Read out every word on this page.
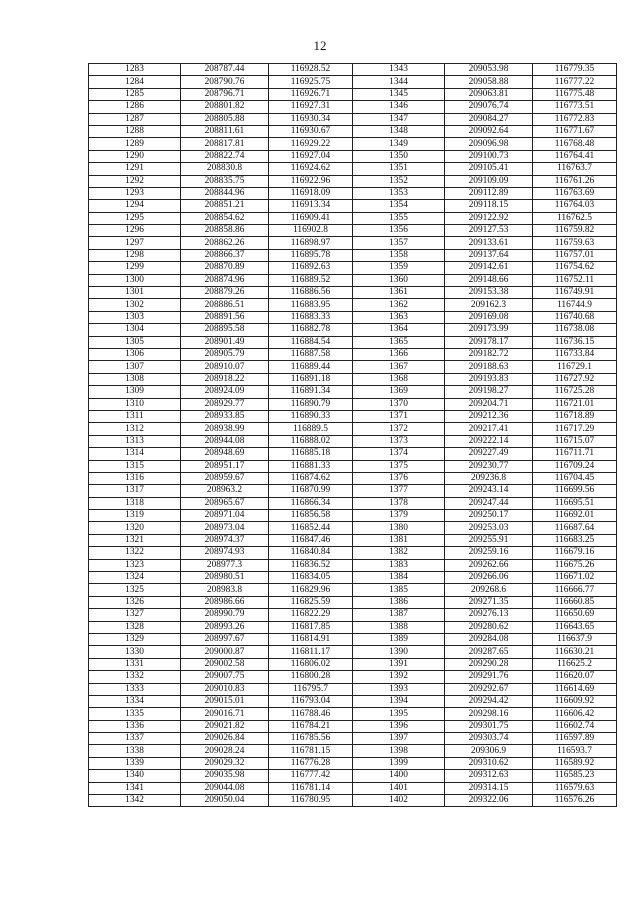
12
1283	208787.44	116928.52	1343	209053.98	116779.35
1284	208790.76	116925.75	1344	209058.88	116777.22
1285	208796.71	116926.71	1345	209063.81	116775.48
1286	208801.82	116927.31	1346	209076.74	116773.51
1287	208805.88	116930.34	1347	209084.27	116772.83
1288	208811.61	116930.67	1348	209092.64	116771.67
1289	208817.81	116929.22	1349	209096.98	116768.48
1290	208822.74	116927.04	1350	209100.73	116764.41
1291	208830.8	116924.62	1351	209105.41	116763.7
1292	208835.75	116922.96	1352	209109.09	116761.26
1293	208844.96	116918.09	1353	209112.89	116763.69
1294	208851.21	116913.34	1354	209118.15	116764.03
1295	208854.62	116909.41	1355	209122.92	116762.5
1296	208858.86	116902.8	1356	209127.53	116759.82
1297	208862.26	116898.97	1357	209133.61	116759.63
1298	208866.37	116895.78	1358	209137.64	116757.01
1299	208870.89	116892.63	1359	209142.61	116754.62
1300	208874.96	116889.52	1360	209148.66	116752.11
1301	208879.26	116886.56	1361	209153.38	116749.91
1302	208886.51	116883.95	1362	209162.3	116744.9
1303	208891.56	116883.33	1363	209169.08	116740.68
1304	208895.58	116882.78	1364	209173.99	116738.08
1305	208901.49	116884.54	1365	209178.17	116736.15
1306	208905.79	116887.58	1366	209182.72	116733.84
1307	208910.07	116889.44	1367	209188.63	116729.1
1308	208918.22	116891.18	1368	209193.83	116727.92
1309	208924.09	116891.34	1369	209198.27	116725.28
1310	208929.77	116890.79	1370	209204.71	116721.01
1311	208933.85	116890.33	1371	209212.36	116718.89
1312	208938.99	116889.5	1372	209217.41	116717.29
1313	208944.08	116888.02	1373	209222.14	116715.07
1314	208948.69	116885.18	1374	209227.49	116711.71
1315	208951.17	116881.33	1375	209230.77	116709.24
1316	208959.67	116874.62	1376	209236.8	116704.45
1317	208963.2	116870.99	1377	209243.14	116699.56
1318	208965.67	116866.34	1378	209247.44	116695.51
1319	208971.04	116856.58	1379	209250.17	116692.01
1320	208973.04	116852.44	1380	209253.03	116687.64
1321	208974.37	116847.46	1381	209255.91	116683.25
1322	208974.93	116840.84	1382	209259.16	116679.16
1323	208977.3	116836.52	1383	209262.66	116675.26
1324	208980.51	116834.05	1384	209266.06	116671.02
1325	208983.8	116829.96	1385	209268.6	116666.77
1326	208986.66	116825.59	1386	209271.35	116660.85
1327	208990.79	116822.29	1387	209276.13	116650.69
1328	208993.26	116817.85	1388	209280.62	116643.65
1329	208997.67	116814.91	1389	209284.08	116637.9
1330	209000.87	116811.17	1390	209287.65	116630.21
1331	209002.58	116806.02	1391	209290.28	116625.2
1332	209007.75	116800.28	1392	209291.76	116620.07
1333	209010.83	116795.7	1393	209292.67	116614.69
1334	209015.01	116793.04	1394	209294.42	116609.92
1335	209016.71	116788.46	1395	209298.16	116606.42
1336	209021.82	116784.21	1396	209301.75	116602.74
1337	209026.84	116785.56	1397	209303.74	116597.89
1338	209028.24	116781.15	1398	209306.9	116593.7
1339	209029.32	116776.28	1399	209310.62	116589.92
1340	209035.98	116777.42	1400	209312.63	116585.23
1341	209044.08	116781.14	1401	209314.15	116579.63
1342	209050.04	116780.95	1402	209322.06	116576.26
